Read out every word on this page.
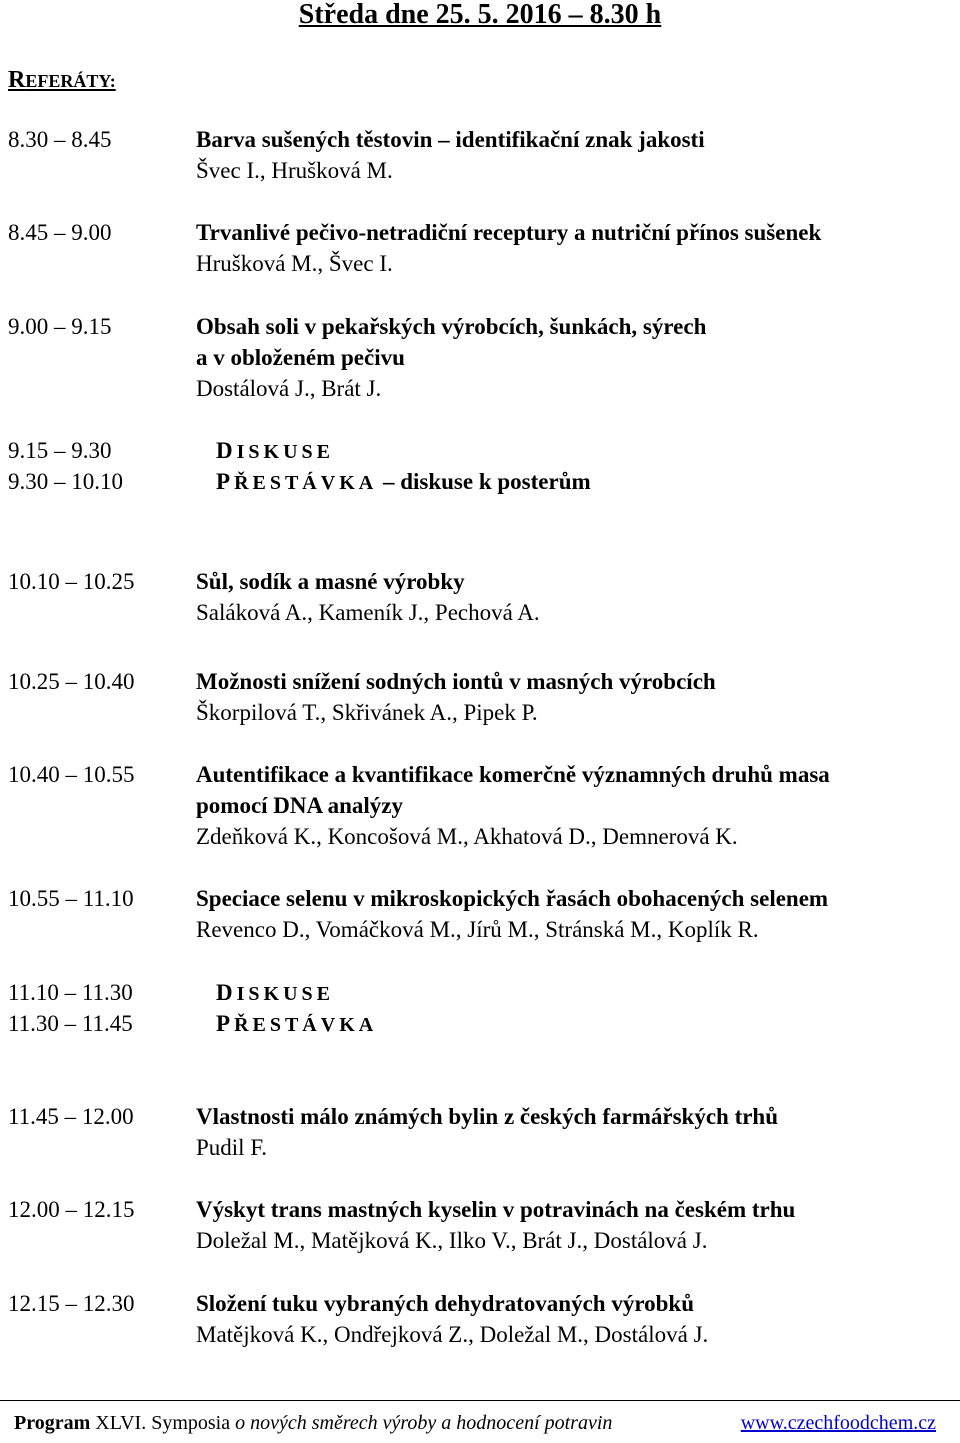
Středa dne 25. 5. 2016 – 8.30 h
REFERÁTY:
8.30 – 8.45	Barva sušených těstovin – identifikační znak jakosti
Švec I., Hrušková M.
8.45 – 9.00	Trvanlivé pečivo-netradiční receptury a nutriční přínos sušenek
Hrušková M., Švec I.
9.00 – 9.15	Obsah soli v pekařských výrobcích, šunkách, sýrech
a v obloženém pečivu
Dostálová J., Brát J.
9.15 – 9.30	DISKUSE
9.30 – 10.10	PŘESTÁVKA – diskuse k posterům
10.10 – 10.25	Sůl, sodík a masné výrobky
Saláková A., Kameník J., Pechová A.
10.25 – 10.40	Možnosti snížení sodných iontů v masných výrobcích
Škorpilová T., Skřivánek A., Pipek P.
10.40 – 10.55	Autentifikace a kvantifikace komerčně významných druhů masa
pomocí DNA analýzy
Zdeňková K., Koncošová M., Akhatová D., Demnerová K.
10.55 – 11.10	Speciace selenu v mikroskopických řasách obohacených selenem
Revenco D., Vomáčková M., Jírů M., Stránská M., Koplík R.
11.10 – 11.30	DISKUSE
11.30 – 11.45	PŘESTÁVKA
11.45 – 12.00	Vlastnosti málo známých bylin z českých farmářských trhů
Pudil F.
12.00 – 12.15	Výskyt trans mastných kyselin v potravinách na českém trhu
Doležal M., Matějková K., Ilko V., Brát J., Dostálová J.
12.15 – 12.30	Složení tuku vybraných dehydratovaných výrobků
Matějková K., Ondřejková Z., Doležal M., Dostálová J.
Program XLVI. Symposia o nových směrech výroby a hodnocení potravin	www.czechfoodchem.cz
